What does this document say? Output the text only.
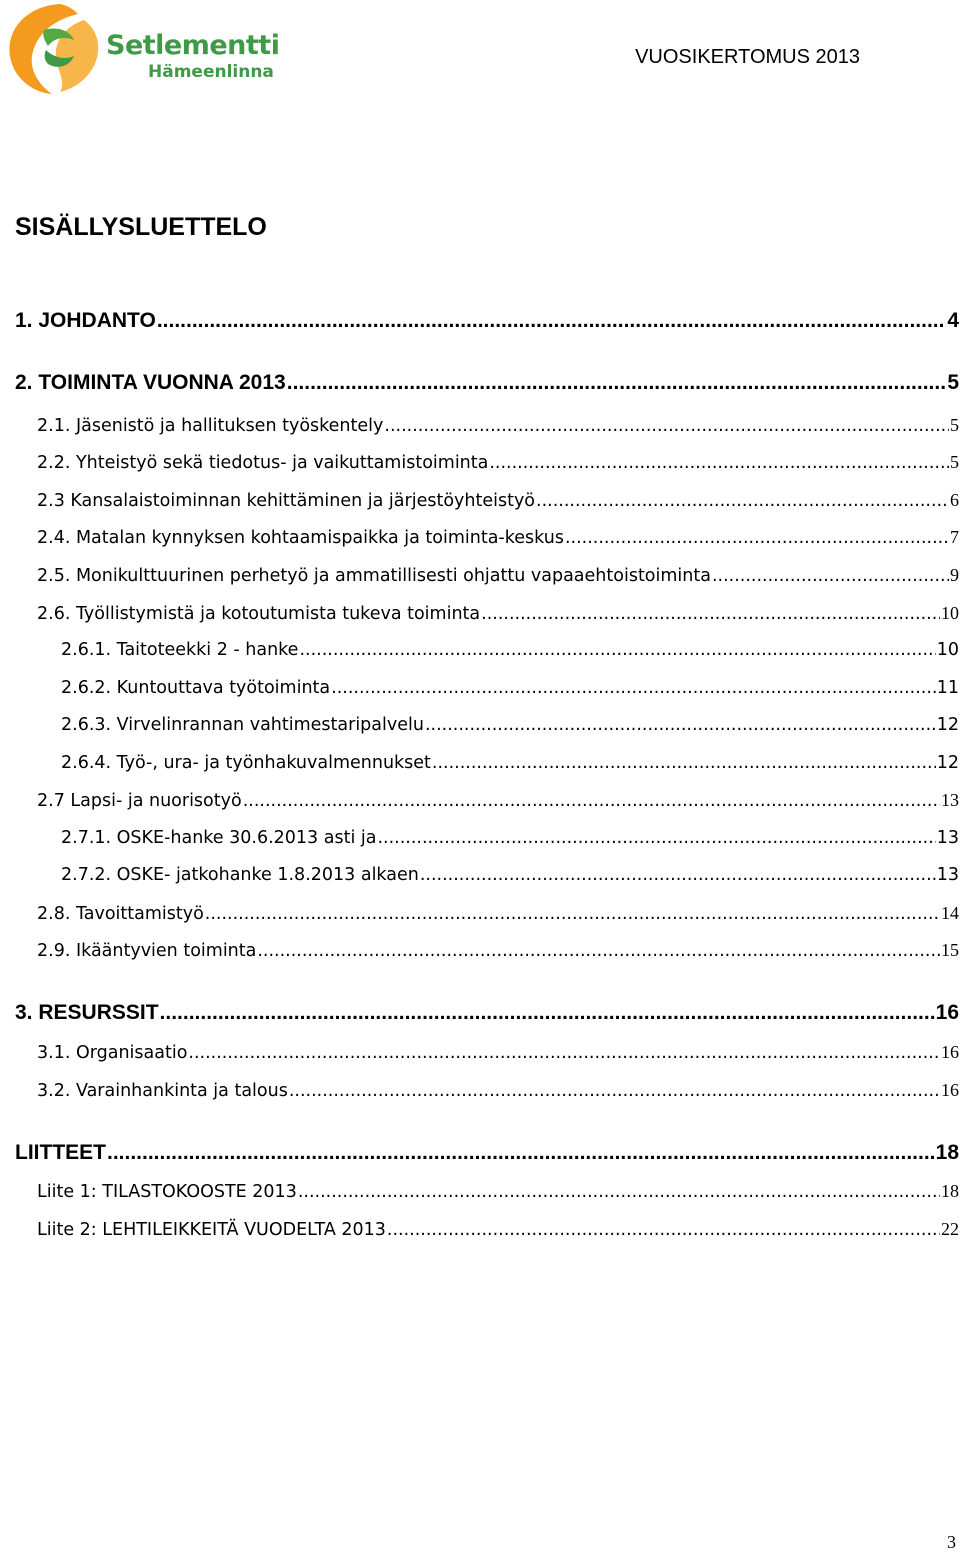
Setlementti
Hämeenlinna
VUOSIKERTOMUS 2013
SISÄLLYSLUETTELO
1. JOHDANTO .....	4
2. TOIMINTA VUONNA 2013 .....	5
2.1. Jäsenistö ja hallituksen työskentely .....	5
2.2. Yhteistyö sekä tiedotus- ja vaikuttamistoiminta .....	5
2.3 Kansalaistoiminnan kehittäminen ja järjestöyhteistyö .....	6
2.4. Matalan kynnyksen kohtaamispaikka ja toiminta-keskus .....	7
2.5. Monikulttuurinen perhetyö ja ammatillisesti ohjattu vapaaehtoistoiminta .....	9
2.6. Työllistymistä ja kotoutumista tukeva toiminta .....	10
2.6.1. Taitoteekki 2 - hanke .....	10
2.6.2. Kuntouttava työtoiminta .....	11
2.6.3. Virvelinrannan vahtimestaripalvelu .....	12
2.6.4. Työ-, ura- ja työnhakuvalmennukset .....	12
2.7 Lapsi- ja nuorisotyö .....	13
2.7.1. OSKE-hanke 30.6.2013 asti ja .....	13
2.7.2. OSKE- jatkohanke 1.8.2013 alkaen .....	13
2.8. Tavoittamistyö .....	14
2.9. Ikääntyvien toiminta .....	15
3. RESURSSIT .....	16
3.1. Organisaatio .....	16
3.2. Varainhankinta ja talous .....	16
LIITTEET .....	18
Liite 1: TILASTOKOOSTE 2013 .....	18
Liite 2: LEHTILEIKKEITÄ VUODELTA 2013 .....	22
3
